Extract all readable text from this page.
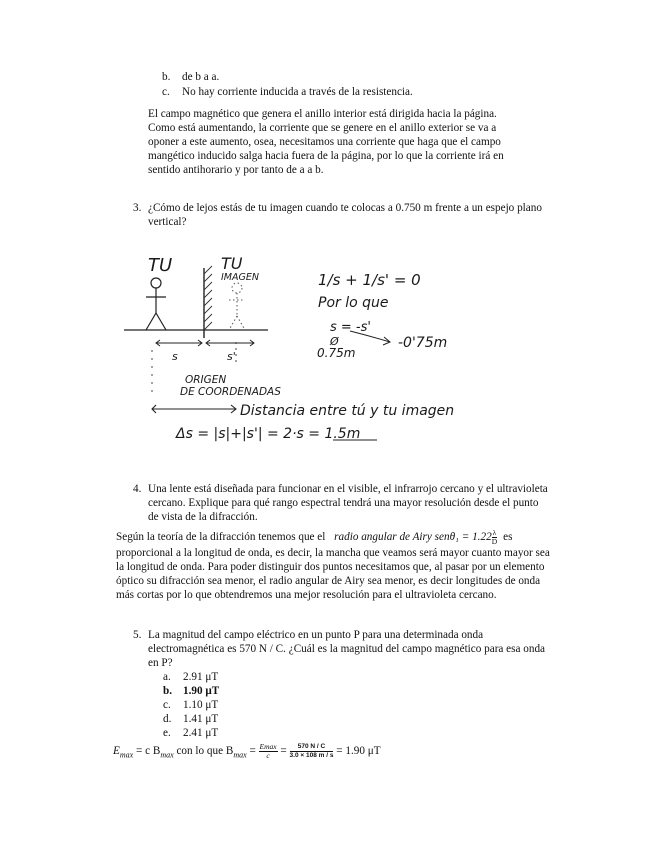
b. de b a a.
c. No hay corriente inducida a través de la resistencia.
El campo magnético que genera el anillo interior está dirigida hacia la página.
Como está aumentando, la corriente que se genere en el anillo exterior se va a
oponer a este aumento, osea, necesitamos una corriente que haga que el campo
mangético inducido salga hacia fuera de la página, por lo que la corriente irá en
sentido antihorario y por tanto de a a b.
3. ¿Cómo de lejos estás de tu imagen cuando te colocas a 0.750 m frente a un espejo plano
vertical?
TU	TU
IMAGEN
s	s'
ORIGEN
DE COORDENADAS
1/s + 1/s' = 0
Por lo que
s = -s'
Ø	-0'75m
0.75m
Distancia entre tú y tu imagen
Δs = |s|+|s'| = 2·s = 1.5m
4. Una lente está diseñada para funcionar en el visible, el infrarrojo cercano y el ultravioleta
cercano. Explique para qué rango espectral tendrá una mayor resolución desde el punto
de vista de la difracción.
Según la teoría de la difracción tenemos que el radio angular de Airy $sen\theta_1 = 1.22 \frac{\lambda}{D}$ es
proporcional a la longitud de onda, es decir, la mancha que veamos será mayor cuanto mayor sea
la longitud de onda. Para poder distinguir dos puntos necesitamos que, al pasar por un elemento
óptico su difracción sea menor, el radio angular de Airy sea menor, es decir longitudes de onda
más cortas por lo que obtendremos una mejor resolución para el ultravioleta cercano.
5. La magnitud del campo eléctrico en un punto P para una determinada onda
electromagnética es 570 N / C. ¿Cuál es la magnitud del campo magnético para esa onda
en P?
a. 2.91 μT
b. 1.90 μT
c. 1.10 μT
d. 1.41 μT
e. 2.41 μT
$E_{max} = c$ $B_{max}$ con lo que $B_{max} = \frac{Emax}{c} = \frac{570 N / C}{3.0 \times 108 m / s} = 1.90$ μT
